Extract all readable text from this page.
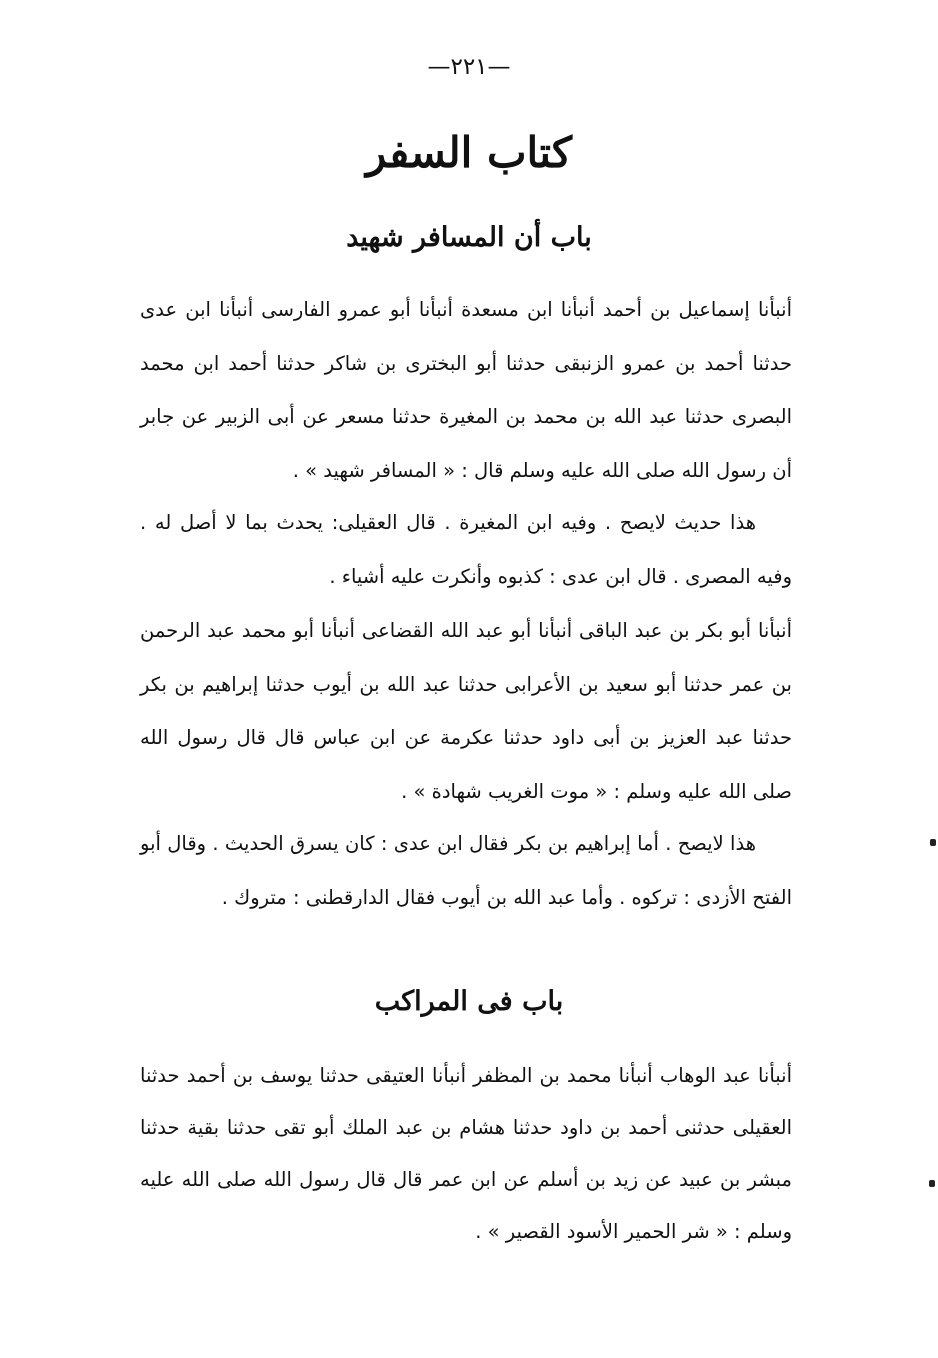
—٢٢١—
كتاب السفر
باب أن المسافر شهيد

أنبأنا إسماعيل بن أحمد أنبأنا ابن مسعدة أنبأنا أبو عمرو الفارسى أنبأنا ابن عدى حدثنا أحمد بن عمرو الزنبقى حدثنا أبو البخترى بن شاكر حدثنا أحمد ابن محمد البصرى حدثنا عبد الله بن محمد بن المغيرة حدثنا مسعر عن أبى الزبير عن جابر أن رسول الله صلى الله عليه وسلم قال : « المسافر شهيد » .

هذا حديث لايصح . وفيه ابن المغيرة . قال العقيلى: يحدث بما لا أصل له . وفيه المصرى . قال ابن عدى : كذبوه وأنكرت عليه أشياء .

أنبأنا أبو بكر بن عبد الباقى أنبأنا أبو عبد الله القضاعى أنبأنا أبو محمد عبد الرحمن بن عمر حدثنا أبو سعيد بن الأعرابى حدثنا عبد الله بن أيوب حدثنا إبراهيم بن بكر حدثنا عبد العزيز بن أبى داود حدثنا عكرمة عن ابن عباس قال قال رسول الله صلى الله عليه وسلم : « موت الغريب شهادة » .

هذا لايصح . أما إبراهيم بن بكر فقال ابن عدى : كان يسرق الحديث . وقال أبو الفتح الأزدى : تركوه . وأما عبد الله بن أيوب فقال الدارقطنى : متروك .

باب فى المراكب

أنبأنا عبد الوهاب أنبأنا محمد بن المظفر أنبأنا العتيقى حدثنا يوسف بن أحمد حدثنا العقيلى حدثنى أحمد بن داود حدثنا هشام بن عبد الملك أبو تقى حدثنا بقية حدثنا مبشر بن عبيد عن زيد بن أسلم عن ابن عمر قال قال رسول الله صلى الله عليه وسلم : « شر الحمير الأسود القصير » .
